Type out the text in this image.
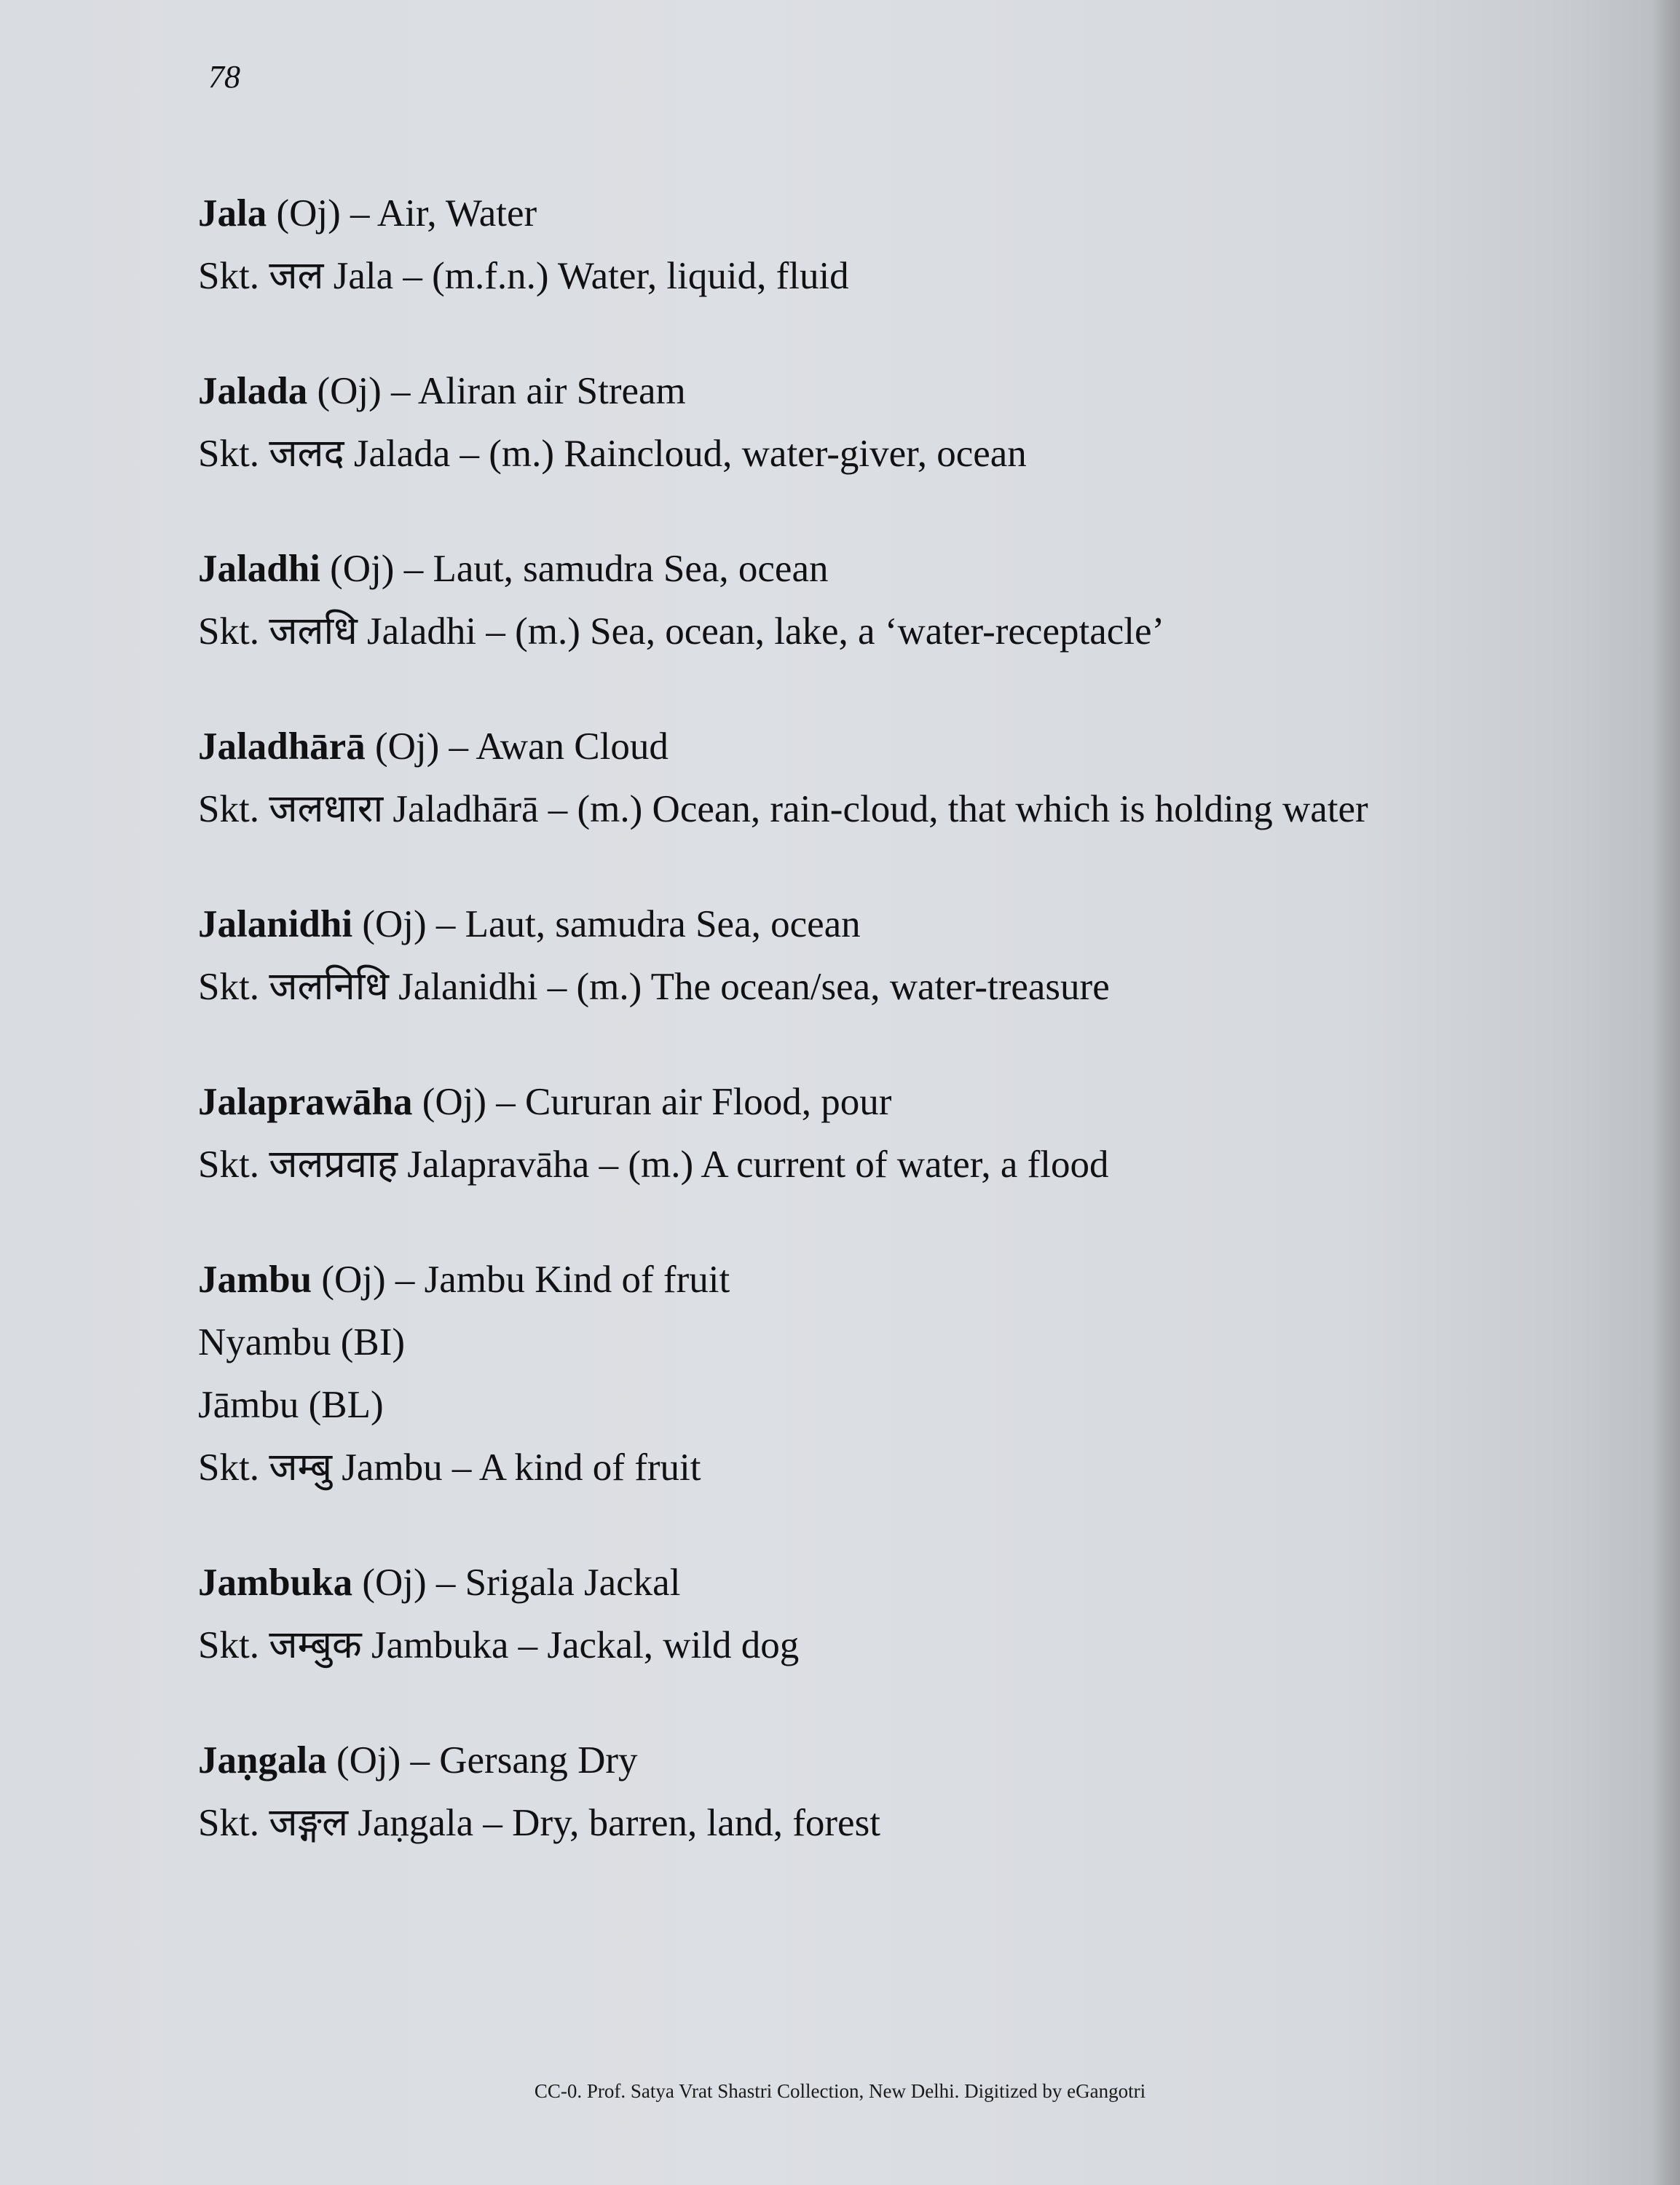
78
Jala (Oj) – Air, Water
Skt. जल Jala – (m.f.n.) Water, liquid, fluid
Jalada (Oj) – Aliran air Stream
Skt. जलद Jalada – (m.) Raincloud, water-giver, ocean
Jaladhi (Oj) – Laut, samudra Sea, ocean
Skt. जलधि Jaladhi – (m.) Sea, ocean, lake, a ‘water-receptacle’
Jaladhārā (Oj) – Awan Cloud
Skt. जलधारा Jaladhārā – (m.) Ocean, rain-cloud, that which is holding water
Jalanidhi (Oj) – Laut, samudra Sea, ocean
Skt. जलनिधि Jalanidhi – (m.) The ocean/sea, water-treasure
Jalaprawāha (Oj) – Cururan air Flood, pour
Skt. जलप्रवाह Jalapravāha – (m.) A current of water, a flood
Jambu (Oj) – Jambu Kind of fruit
Nyambu (BI)
Jāmbu (BL)
Skt. जम्बु Jambu – A kind of fruit
Jambuka (Oj) – Srigala Jackal
Skt. जम्बुक Jambuka – Jackal, wild dog
Jaṇgala (Oj) – Gersang Dry
Skt. जङ्गल Jaṇgala – Dry, barren, land, forest
CC-0. Prof. Satya Vrat Shastri Collection, New Delhi. Digitized by eGangotri
